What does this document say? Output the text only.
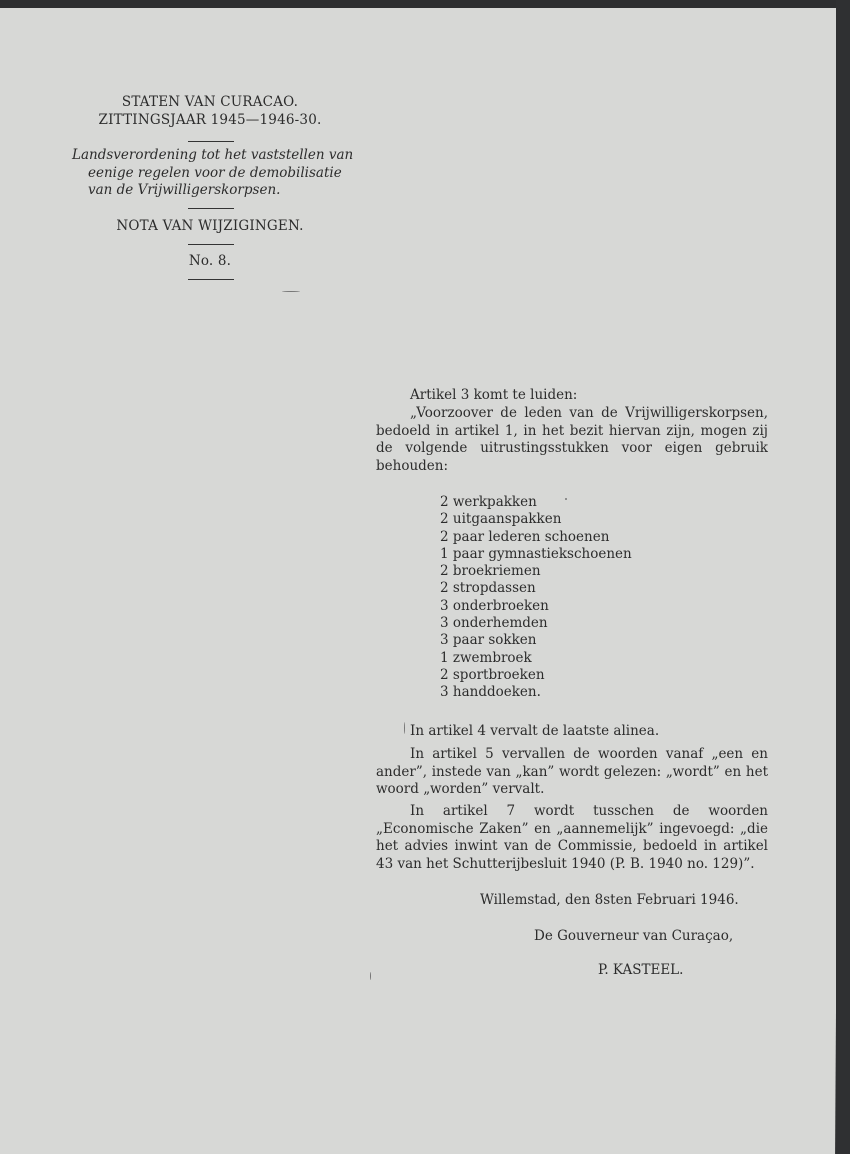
STATEN VAN CURACAO.
ZITTINGSJAAR 1945—1946-30.
Landsverordening tot het vaststellen van
eenige regelen voor de demobilisatie
van de Vrijwilligerskorpsen.
NOTA VAN WIJZIGINGEN.
No. 8.
Artikel 3 komt te luiden:
„Voorzoover de leden van de Vrijwilligerskorpsen, bedoeld in artikel 1, in het bezit hiervan zijn, mogen zij de volgende uitrustingsstukken voor eigen gebruik behouden:
2 werkpakken
2 uitgaanspakken
2 paar lederen schoenen
1 paar gymnastiekschoenen
2 broekriemen
2 stropdassen
3 onderbroeken
3 onderhemden
3 paar sokken
1 zwembroek
2 sportbroeken
3 handdoeken.
In artikel 4 vervalt de laatste alinea.
In artikel 5 vervallen de woorden vanaf „een en ander”, instede van „kan” wordt gelezen: „wordt” en het woord „worden” vervalt.
In artikel 7 wordt tusschen de woorden „Economische Zaken” en „aannemelijk” ingevoegd: „die het advies inwint van de Commissie, bedoeld in artikel 43 van het Schutterijbesluit 1940 (P. B. 1940 no. 129)”.
Willemstad, den 8sten Februari 1946.
De Gouverneur van Curaçao,
P. KASTEEL.
